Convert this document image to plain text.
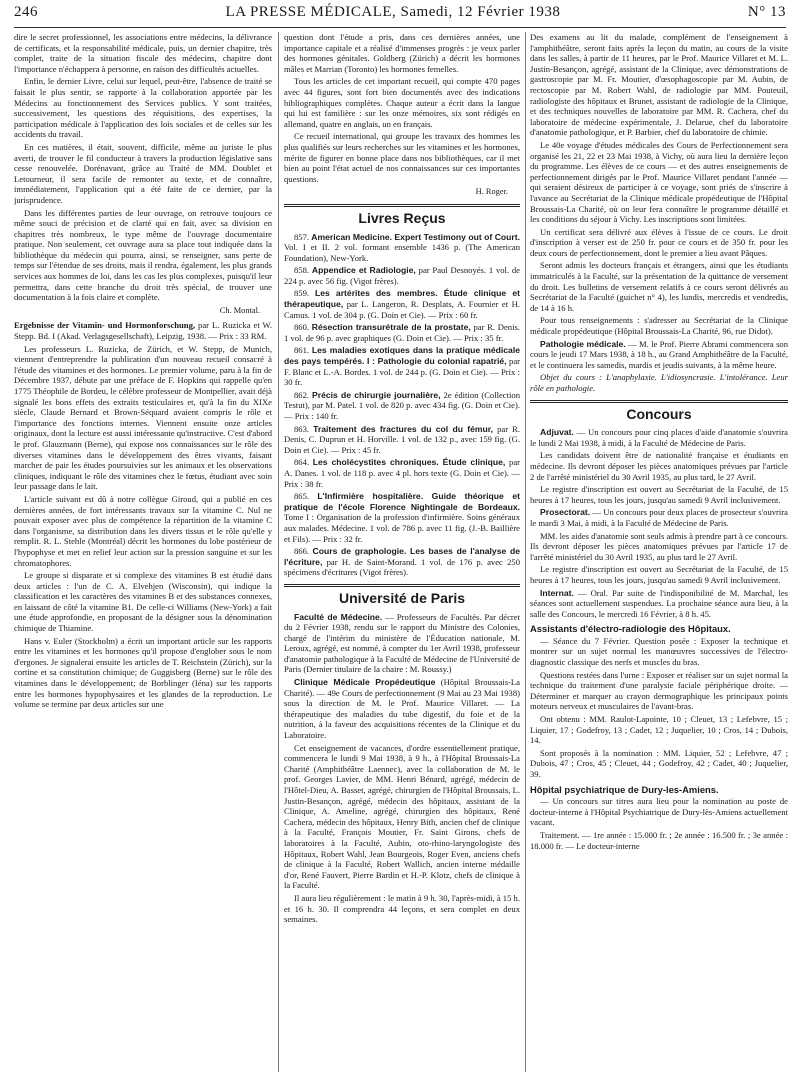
246	LA PRESSE MÉDICALE, Samedi, 12 Février 1938	N° 13

dire le secret professionnel, les associations entre médecins, la délivrance de certificats, et la responsabilité médicale, puis, un dernier chapitre, très complet, traite de la situation fiscale des médecins, chapitre dont l'importance n'échappera à personne, en raison des difficultés actuelles.

Enfin, le dernier Livre, celui sur lequel, peut-être, l'absence de traité se faisait le plus sentir, se rapporte à la collaboration apportée par les Médecins au fonctionnement des Services publics. Y sont traitées, successivement, les questions des réquisitions, des expertises, la participation médicale à l'application des lois sociales et de celles sur les accidents du travail.

En ces matières, il était, souvent, difficile, même au juriste le plus averti, de trouver le fil conducteur à travers la production législative sans cesse renouvelée. Dorénavant, grâce au Traité de MM. Doublet et Letourneur, il sera facile de remonter au texte, et de connaître, immédiatement, l'application qui a été faite de ce dernier, par la jurisprudence.

Dans les différentes parties de leur ouvrage, on retrouve toujours ce même souci de précision et de clarté qui en fait, avec sa division en chapitres très nombreux, le type même de l'ouvrage documentaire pratique. Non seulement, cet ouvrage aura sa place tout indiquée dans la bibliothèque du médecin qui pourra, ainsi, se renseigner, sans perte de temps sur l'étendue de ses droits, mais il rendra, également, les plus grands services aux hommes de loi, dans les cas les plus complexes, puisqu'il leur permettra, dans cette branche du droit très spécial, de trouver une documentation à la fois claire et complète.

Ch. Montal.

Ergebnisse der Vitamin- und Hormonforschung, par L. Ruzicka et W. Stepp. Bd. I (Akad. Verlagsgesellschaft), Leipzig, 1938. — Prix : 33 RM.

Les professeurs L. Ruzicka, de Zürich, et W. Stepp, de Munich, viennent d'entreprendre la publication d'un nouveau recueil consacré à l'étude des vitamines et des hormones. Le premier volume, paru à la fin de Décembre 1937, débute par une préface de F. Hopkins qui rappelle qu'en 1775 Théophile de Bordeu, le célèbre professeur de Montpellier, avait déjà signalé les bons effets des extraits testiculaires et, qu'à la fin du XIXe siècle, Claude Bernard et Brown-Séquard avaient compris le rôle et l'importance des fonctions internes. Viennent ensuite onze articles originaux, dont la lecture est aussi intéressante qu'instructive. C'est d'abord le prof. Glauzmann (Berne), qui expose nos connaissances sur le rôle des diverses vitamines dans le développement des êtres vivants, faisant marcher de pair les études poursuivies sur les animaux et les observations cliniques, indiquant le rôle des vitamines chez le fœtus, étudiant avec soin leur passage dans le lait.

L'article suivant est dû à notre collègue Giroud, qui a publié en ces dernières années, de fort intéressants travaux sur la vitamine C. Nul ne pouvait exposer avec plus de compétence la répartition de la vitamine C dans l'organisme, sa distribution dans les divers tissus et le rôle qu'elle y remplit. R. L. Stehle (Montréal) décrit les hormones du lobe postérieur de l'hypophyse et met en relief leur action sur la pression sanguine et sur les chromatophores.

Le groupe si disparate et si complexe des vitamines B est étudié dans deux articles : l'un de C. A. Elvehjen (Wisconsin), qui indique la classification et les caractères des vitamines B et des substances connexes, en laissant de côté la vitamine B1. De celle-ci Williams (New-York) a fait une étude approfondie, en proposant de la désigner sous la dénomination chimique de Thiamine.

Hans v. Euler (Stockholm) a écrit un important article sur les rapports entre les vitamines et les hormones qu'il propose d'englober sous le nom d'ergones. Je signalerai ensuite les articles de T. Reichstein (Zürich), sur la cortine et sa constitution chimique; de Guggisberg (Berne) sur le rôle des vitamines dans le développement; de Borblinger (Iéna) sur les rapports entre les hormones hypophysaires et les glandes de la reproduction. Le volume se termine par deux articles sur une

question dont l'étude a pris, dans ces dernières années, une importance capitale et a réalisé d'immenses progrès : je veux parler des hormones génitales. Goldberg (Zürich) a décrit les hormones mâles et Marrian (Toronto) les hormones femelles.

Tous les articles de cet important recueil, qui compte 470 pages avec 44 figures, sont fort bien documentés avec des indications bibliographiques complètes. Chaque auteur a écrit dans la langue qui lui est familière : sur les onze mémoires, six sont rédigés en allemand, quatre en anglais, un en français.

Ce recueil international, qui groupe les travaux des hommes les plus qualifiés sur leurs recherches sur les vitamines et les hormones, mérite de figurer en bonne place dans nos bibliothèques, car il met bien au point l'état actuel de nos connaissances sur ces importantes questions.

H. Roger.
Livres Reçus

857. American Medicine. Expert Testimony out of Court. Vol. I et II. 2 vol. formant ensemble 1436 p. (The American Foundation), New-York.

858. Appendice et Radiologie, par Paul Desnoyés. 1 vol. de 224 p. avec 56 fig. (Vigot frères).

859. Les artérites des membres. Étude clinique et thérapeutique, par L. Langeron, R. Desplats, A. Fournier et H. Camus. 1 vol. de 304 p. (G. Doin et Cie). — Prix : 60 fr.

860. Résection transurétrale de la prostate, par R. Denis. 1 vol. de 96 p. avec graphiques (G. Doin et Cie). — Prix : 35 fr.

861. Les maladies exotiques dans la pratique médicale des pays tempérés. I : Pathologie du colonial rapatrié, par F. Blanc et L.-A. Bordes. 1 vol. de 244 p. (G. Doin et Cie). — Prix : 30 fr.

862. Précis de chirurgie journalière, 2e édition (Collection Testut), par M. Patel. 1 vol. de 820 p. avec 434 fig. (G. Doin et Cie). — Prix : 140 fr.

863. Traitement des fractures du col du fémur, par R. Denis, C. Duprun et H. Horville. 1 vol. de 132 p., avec 159 fig. (G. Doin et Cie). — Prix : 45 fr.

864. Les cholécystites chroniques. Étude clinique, par A. Danes. 1 vol. de 118 p. avec 4 pl. hors texte (G. Doin et Cie). — Prix : 38 fr.

865. L'Infirmière hospitalière. Guide théorique et pratique de l'école Florence Nightingale de Bordeaux. Tome I : Organisation de la profession d'infirmière. Soins généraux aux malades. Médecine. 1 vol. de 786 p. avec 11 fig. (J.-B. Baillière et Fils). — Prix : 32 fr.

866. Cours de graphologie. Les bases de l'analyse de l'écriture, par H. de Saint-Morand. 1 vol. de 176 p. avec 250 spécimens d'écritures (Vigot frères).

Université de Paris

Faculté de Médecine. — Professeurs de Facultés. Par décret du 2 Février 1938, rendu sur le rapport du Ministre des Colonies, chargé de l'intérim du ministère de l'Éducation nationale, M. Leroux, agrégé, est nommé, à compter du 1er Avril 1938, professeur d'anatomie pathologique à la Faculté de Médecine de l'Université de Paris (Dernier titulaire de la chaire : M. Roussy.)

Clinique Médicale Propédeutique (Hôpital Broussais-La Charité). — 49e Cours de perfectionnement (9 Mai au 23 Mai 1938) sous la direction de M. le Prof. Maurice Villaret. — La thérapeutique des maladies du tube digestif, du foie et de la nutrition, à la faveur des acquisitions récentes de la Clinique et du Laboratoire.

Cet enseignement de vacances, d'ordre essentiellement pratique, commencera le lundi 9 Mai 1938, à 9 h., à l'Hôpital Broussais-La Charité (Amphithéâtre Laennec), avec la collaboration de M. le prof. Georges Lavier, de MM. Henri Bénard, agrégé, médecin de l'Hôtel-Dieu, A. Basset, agrégé, chirurgien de l'Hôpital Broussais, L. Justin-Besançon, agrégé, médecin des hôpitaux, assistant de la Clinique, A. Ameline, agrégé, chirurgien des hôpitaux, René Cachera, médecin des hôpitaux, Henry Bith, ancien chef de clinique à la Faculté, François Moutier, Fr. Saint Girons, chefs de laboratoires à la Faculté, Aubin, oto-rhino-laryngologiste des Hôpitaux, Robert Wahl, Jean Bourgeois, Roger Even, anciens chefs de clinique à la Faculté, Robert Wallich, ancien interne médaille d'or, René Fauvert, Pierre Bardin et H.-P. Klotz, chefs de clinique à la Faculté.

Il aura lieu régulièrement : le matin à 9 h. 30, l'après-midi, à 15 h. et 16 h. 30. Il comprendra 44 leçons, et sera complet en deux semaines.

Des examens au lit du malade, complément de l'enseignement à l'amphithéâtre, seront faits après la leçon du matin, au cours de la visite dans les salles, à partir de 11 heures, par le Prof. Maurice Villaret et M. L. Justin-Besançon, agrégé, assistant de la Clinique, avec démonstrations de gastroscopie par M. Fr. Moutier, d'œsophagoscopie par M. Aubin, de rectoscopie par M. Robert Wahl, de radiologie par MM. Pouteuil, radiologiste des hôpitaux et Brunet, assistant de radiologie de la Clinique, et des techniques nouvelles de laboratoire par MM. R. Cachera, chef du laboratoire de médecine expérimentale, J. Delarue, chef du laboratoire d'anatomie pathologique, et P. Barbier, chef du laboratoire de chimie.

Le 40e voyage d'études médicales des Cours de Perfectionnement sera organisé les 21, 22 et 23 Mai 1938, à Vichy, où aura lieu la dernière leçon du programme. Les élèves de ce cours — et des autres enseignements de perfectionnement dirigés par le Prof. Maurice Villaret pendant l'année — qui seraient désireux de participer à ce voyage, sont priés de s'inscrire à l'avance au Secrétariat de la Clinique médicale propédeutique de l'Hôpital Broussais-La Charité, où on leur fera connaître le programme détaillé et les conditions du séjour à Vichy. Les inscriptions sont limitées.

Un certificat sera délivré aux élèves à l'issue de ce cours. Le droit d'inscription à verser est de 250 fr. pour ce cours et de 350 fr. pour les deux cours de perfectionnement, dont le premier a lieu avant Pâques.

Seront admis les docteurs français et étrangers, ainsi que les étudiants immatriculés à la Faculté, sur la présentation de la quittance de versement du droit. Les bulletins de versement relatifs à ce cours seront délivrés au Secrétariat de la Faculté (guichet n° 4), les lundis, mercredis et vendredis, de 14 à 16 h.

Pour tous renseignements : s'adresser au Secrétariat de la Clinique médicale propédeutique (Hôpital Broussais-La Charité, 96, rue Didot).

Pathologie médicale. — M. le Prof. Pierre Abrami commencera son cours le jeudi 17 Mars 1938, à 18 h., au Grand Amphithéâtre de la Faculté, et le continuera les samedis, mardis et jeudis suivants, à la même heure.

Objet du cours : L'anaphylaxie. L'idiosyncrasie. L'intolérance. Leur rôle en pathologie.

Concours

Adjuvat. — Un concours pour cinq places d'aide d'anatomie s'ouvrira le lundi 2 Mai 1938, à midi, à la Faculté de Médecine de Paris.

Les candidats doivent être de nationalité française et étudiants en médecine. Ils devront déposer les pièces anatomiques prévues par l'article 2 de l'arrêté ministériel du 30 Avril 1935, au plus tard, le 27 Avril.

Le registre d'inscription est ouvert au Secrétariat de la Faculté, de 15 heures à 17 heures, tous les jours, jusqu'au samedi 9 Avril inclusivement.

Prosectorat. — Un concours pour deux places de prosecteur s'ouvrira le mardi 3 Mai, à midi, à la Faculté de Médecine de Paris.

MM. les aides d'anatomie sont seuls admis à prendre part à ce concours. Ils devront déposer les pièces anatomiques prévues par l'article 17 de l'arrêté ministériel du 30 Avril 1935, au plus tard le 27 Avril.

Le registre d'inscription est ouvert au Secrétariat de la Faculté, de 15 heures à 17 heures, tous les jours, jusqu'au samedi 9 Avril inclusivement.

Internat. — Oral. Par suite de l'indisponibilité de M. Marchal, les séances sont actuellement suspendues. La prochaine séance aura lieu, à la salle des Concours, le mercredi 16 Février, à 8 h. 45.

Assistants d'électro-radiologie des Hôpitaux.

— Séance du 7 Février. Question posée : Exposer la technique et montrer sur un sujet normal les manœuvres successives de l'électro-diagnostic classique des nerfs et muscles du bras.

Questions restées dans l'urne : Exposer et réaliser sur un sujet normal la technique du traitement d'une paralysie faciale périphérique droite. — Déterminer et marquer au crayon dermographique les principaux points moteurs nerveux et musculaires de l'avant-bras.

Ont obtenu : MM. Raulot-Lapointe, 10 ; Cleuet, 13 ; Lefebvre, 15 ; Liquier, 17 ; Godefroy, 13 ; Cadet, 12 ; Juquelier, 10 ; Cros, 14 ; Dubois, 14.

Sont proposés à la nomination : MM. Liquier, 52 ; Lefebvre, 47 ; Dubois, 47 ; Cros, 45 ; Cleuet, 44 ; Godefroy, 42 ; Cadet, 40 ; Juquelier, 39.

Hôpital psychiatrique de Dury-les-Amiens.

— Un concours sur titres aura lieu pour la nomination au poste de docteur-interne à l'Hôpital Psychiatrique de Dury-lès-Amiens actuellement vacant.

Traitement. — 1re année : 15.000 fr. ; 2e année : 16.500 fr. ; 3e année : 18.000 fr. — Le docteur-interne
